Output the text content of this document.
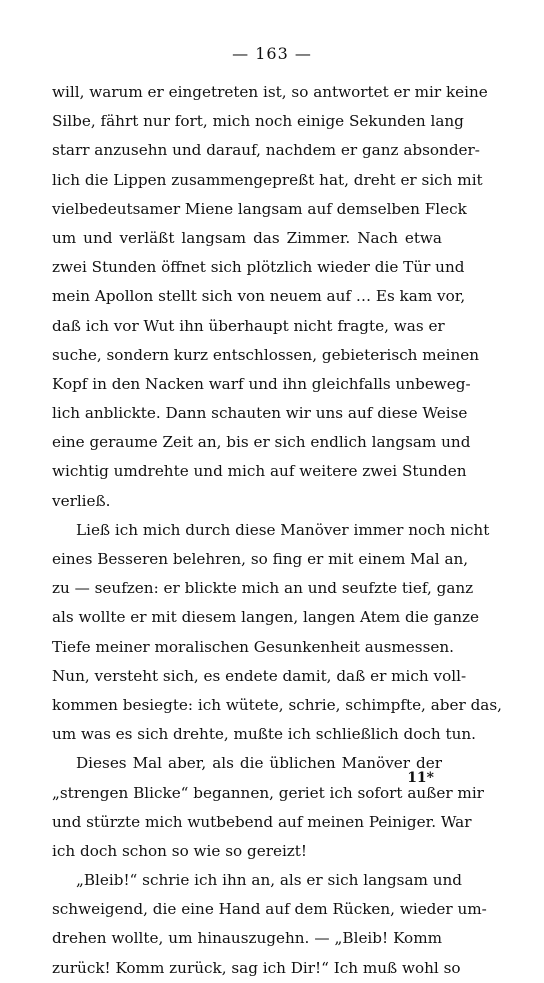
— 163 —
will, warum er eingetreten ist, so antwortet er mir keine
Silbe, fährt nur fort, mich noch einige Sekunden lang
starr anzusehn und darauf, nachdem er ganz absonder-
lich die Lippen zusammengepreßt hat, dreht er sich mit
vielbedeutsamer Miene langsam auf demselben Fleck
um und verläßt langsam das Zimmer. Nach etwa
zwei Stunden öffnet sich plötzlich wieder die Tür und
mein Apollon stellt sich von neuem auf … Es kam vor,
daß ich vor Wut ihn überhaupt nicht fragte, was er
suche, sondern kurz entschlossen, gebieterisch meinen
Kopf in den Nacken warf und ihn gleichfalls unbeweg-
lich anblickte. Dann schauten wir uns auf diese Weise
eine geraume Zeit an, bis er sich endlich langsam und
wichtig umdrehte und mich auf weitere zwei Stunden
verließ.
Ließ ich mich durch diese Manöver immer noch nicht
eines Besseren belehren, so fing er mit einem Mal an,
zu — seufzen: er blickte mich an und seufzte tief, ganz
als wollte er mit diesem langen, langen Atem die ganze
Tiefe meiner moralischen Gesunkenheit ausmessen.
Nun, versteht sich, es endete damit, daß er mich voll-
kommen besiegte: ich wütete, schrie, schimpfte, aber das,
um was es sich drehte, mußte ich schließlich doch tun.
Dieses Mal aber, als die üblichen Manöver der
„strengen Blicke“ begannen, geriet ich sofort außer mir
und stürzte mich wutbebend auf meinen Peiniger. War
ich doch schon so wie so gereizt!
„Bleib!“ schrie ich ihn an, als er sich langsam und
schweigend, die eine Hand auf dem Rücken, wieder um-
drehen wollte, um hinauszugehn. — „Bleib! Komm
zurück! Komm zurück, sag ich Dir!“ Ich muß wohl so
11*
